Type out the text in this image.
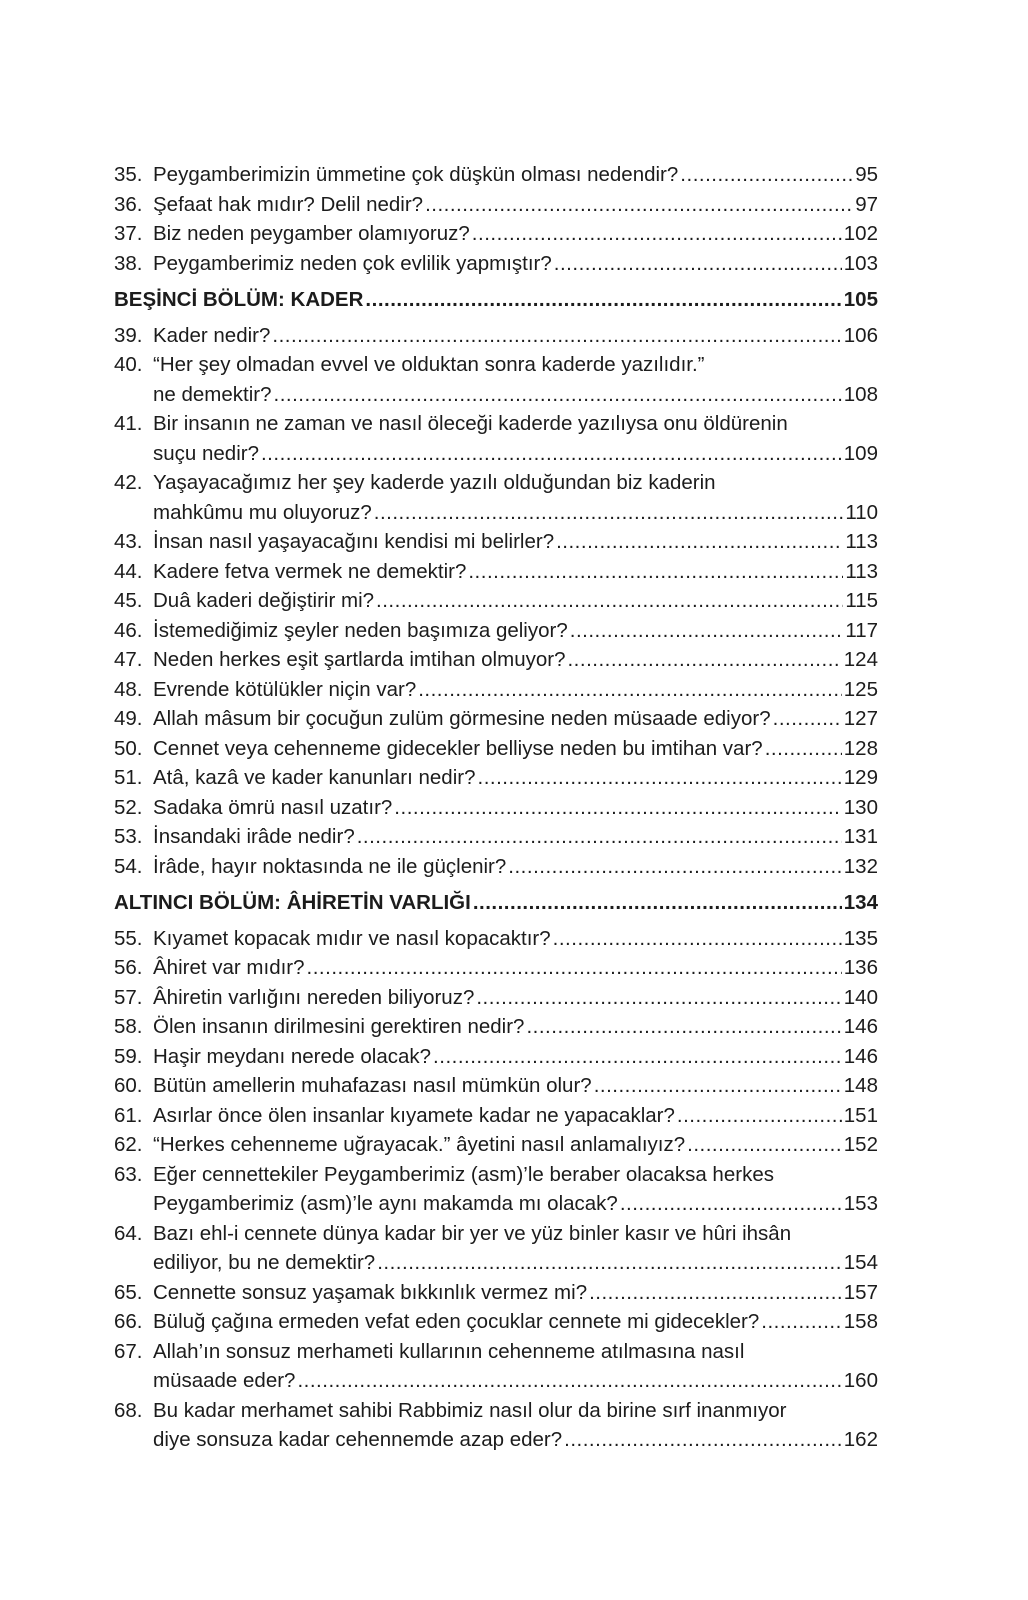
35. Peygamberimizin ümmetine çok düşkün olması nedendir? .....	95
36. Şefaat hak mıdır? Delil nedir? .....	97
37. Biz neden peygamber olamıyoruz? .....	102
38. Peygamberimiz neden çok evlilik yapmıştır? .....	103
BEŞİNCİ BÖLÜM: KADER .....	105
39. Kader nedir? .....	106
40. “Her şey olmadan evvel ve olduktan sonra kaderde yazılıdır.”
ne demektir? .....	108
41. Bir insanın ne zaman ve nasıl öleceği kaderde yazılıysa onu öldürenin
suçu nedir? .....	109
42. Yaşayacağımız her şey kaderde yazılı olduğundan biz kaderin
mahkûmu mu oluyoruz? .....	110
43. İnsan nasıl yaşayacağını kendisi mi belirler? .....	113
44. Kadere fetva vermek ne demektir? .....	113
45. Duâ kaderi değiştirir mi? .....	115
46. İstemediğimiz şeyler neden başımıza geliyor? .....	117
47. Neden herkes eşit şartlarda imtihan olmuyor? .....	124
48. Evrende kötülükler niçin var? .....	125
49. Allah mâsum bir çocuğun zulüm görmesine neden müsaade ediyor? .....	127
50. Cennet veya cehenneme gidecekler belliyse neden bu imtihan var? .....	128
51. Atâ, kazâ ve kader kanunları nedir? .....	129
52. Sadaka ömrü nasıl uzatır? .....	130
53. İnsandaki irâde nedir? .....	131
54. İrâde, hayır noktasında ne ile güçlenir? .....	132
ALTINCI BÖLÜM: ÂHİRETİN VARLIĞI .....	134
55. Kıyamet kopacak mıdır ve nasıl kopacaktır? .....	135
56. Âhiret var mıdır? .....	136
57. Âhiretin varlığını nereden biliyoruz? .....	140
58. Ölen insanın dirilmesini gerektiren nedir? .....	146
59. Haşir meydanı nerede olacak? .....	146
60. Bütün amellerin muhafazası nasıl mümkün olur? .....	148
61. Asırlar önce ölen insanlar kıyamete kadar ne yapacaklar? .....	151
62. “Herkes cehenneme uğrayacak.” âyetini nasıl anlamalıyız? .....	152
63. Eğer cennettekiler Peygamberimiz (asm)’le beraber olacaksa herkes
Peygamberimiz (asm)’le aynı makamda mı olacak? .....	153
64. Bazı ehl-i cennete dünya kadar bir yer ve yüz binler kasır ve hûri ihsân
ediliyor, bu ne demektir? .....	154
65. Cennette sonsuz yaşamak bıkkınlık vermez mi? .....	157
66. Büluğ çağına ermeden vefat eden çocuklar cennete mi gidecekler? .....	158
67. Allah’ın sonsuz merhameti kullarının cehenneme atılmasına nasıl
müsaade eder? .....	160
68. Bu kadar merhamet sahibi Rabbimiz nasıl olur da birine sırf inanmıyor
diye sonsuza kadar cehennemde azap eder? .....	162
